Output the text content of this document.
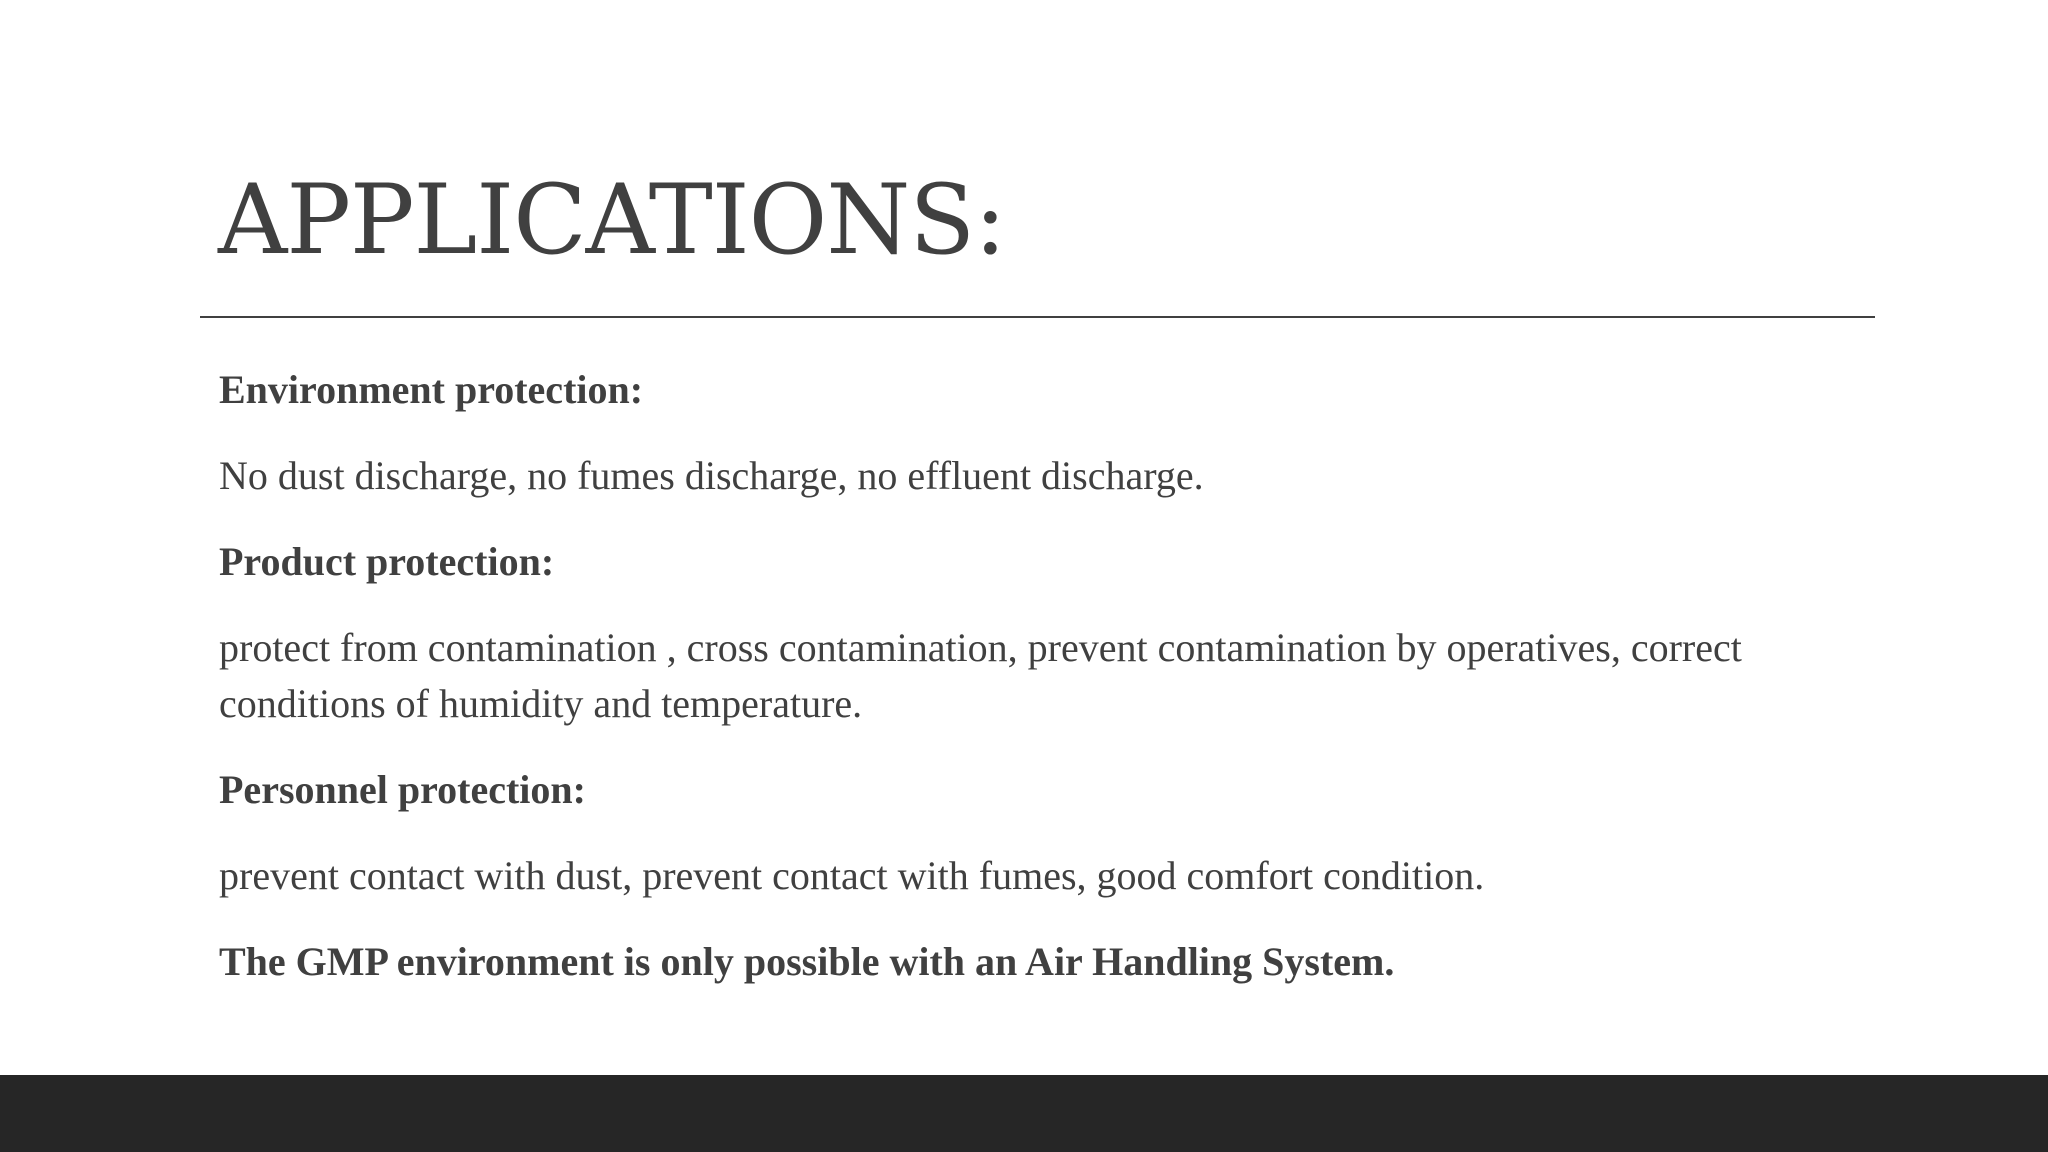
APPLICATIONS:

Environment protection:

No dust discharge, no fumes discharge, no effluent discharge.

Product protection:

protect from contamination , cross contamination, prevent contamination by operatives, correct conditions of humidity and temperature.

Personnel protection:

prevent contact with dust, prevent contact with fumes, good comfort condition.

The GMP environment is only possible with an Air Handling System.
